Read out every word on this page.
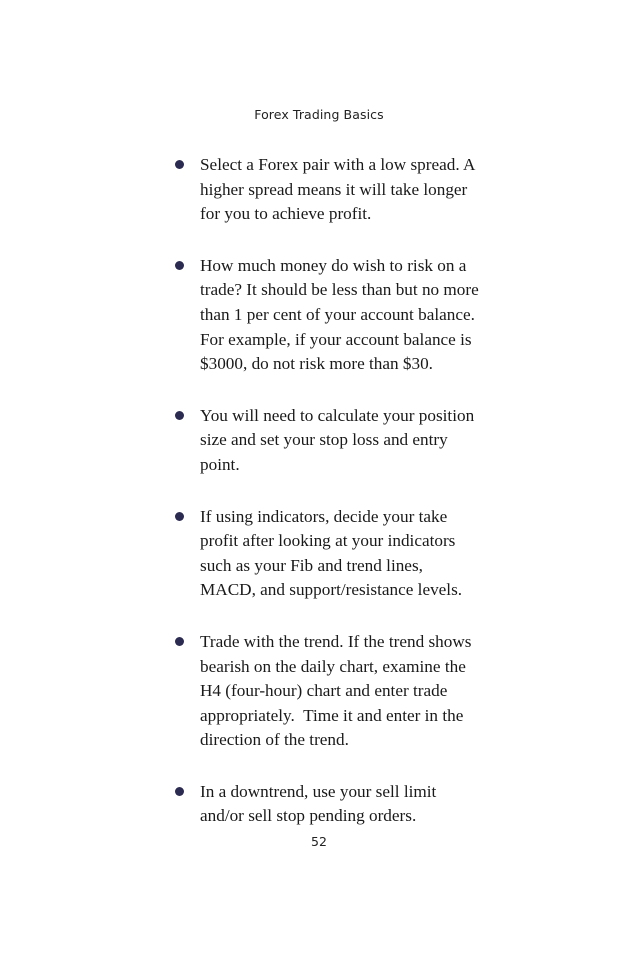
Forex Trading Basics
Select a Forex pair with a low spread. A
higher spread means it will take longer
for you to achieve profit.
How much money do wish to risk on a
trade? It should be less than but no more
than 1 per cent of your account balance.
For example, if your account balance is
$3000, do not risk more than $30.
You will need to calculate your position
size and set your stop loss and entry
point.
If using indicators, decide your take
profit after looking at your indicators
such as your Fib and trend lines,
MACD, and support/resistance levels.
Trade with the trend. If the trend shows
bearish on the daily chart, examine the
H4 (four-hour) chart and enter trade
appropriately.  Time it and enter in the
direction of the trend.
In a downtrend, use your sell limit
and/or sell stop pending orders.
52
